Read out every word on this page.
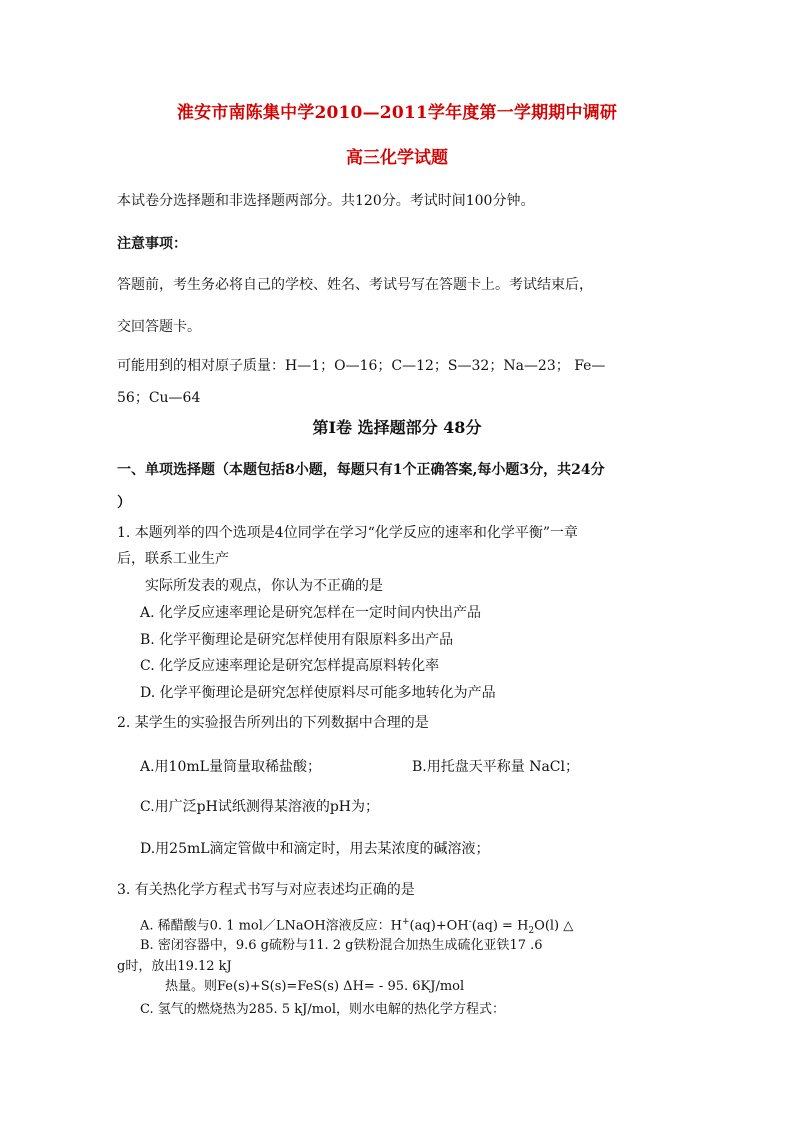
淮安市南陈集中学2010—2011学年度第一学期期中调研
高三化学试题
本试卷分选择题和非选择题两部分。共120分。考试时间100分钟。
注意事项：
答题前，考生务必将自己的学校、姓名、考试号写在答题卡上。考试结束后，
交回答题卡。
可能用到的相对原子质量：H—1；O—16；C—12；S—32；Na—23； Fe—
56；Cu—64
第I卷 选择题部分 48分
一、单项选择题（本题包括8小题，每题只有1个正确答案,每小题3分，共24分
）
1. 本题列举的四个选项是4位同学在学习“化学反应的速率和化学平衡”一章
后，联系工业生产
实际所发表的观点，你认为不正确的是
A. 化学反应速率理论是研究怎样在一定时间内快出产品
B. 化学平衡理论是研究怎样使用有限原料多出产品
C. 化学反应速率理论是研究怎样提高原料转化率
D. 化学平衡理论是研究怎样使原料尽可能多地转化为产品
2. 某学生的实验报告所列出的下列数据中合理的是
A.用10mL量筒量取稀盐酸；	B.用托盘天平称量 NaCl；
C.用广泛pH试纸测得某溶液的pH为；
D.用25mL滴定管做中和滴定时，用去某浓度的碱溶液；
3. 有关热化学方程式书写与对应表述均正确的是
A. 稀醋酸与0. 1 mol／LNaOH溶液反应：$H^+(aq)+OH^-(aq) = H_2O(l)$ △
B. 密闭容器中，9.6 g硫粉与11. 2 g铁粉混合加热生成硫化亚铁17 .6
g时，放出19.12 kJ
热量。则Fe(s)+S(s)=FeS(s) ΔH= - 95. 6KJ/mol
C. 氢气的燃烧热为285. 5 kJ/mol，则水电解的热化学方程式：
